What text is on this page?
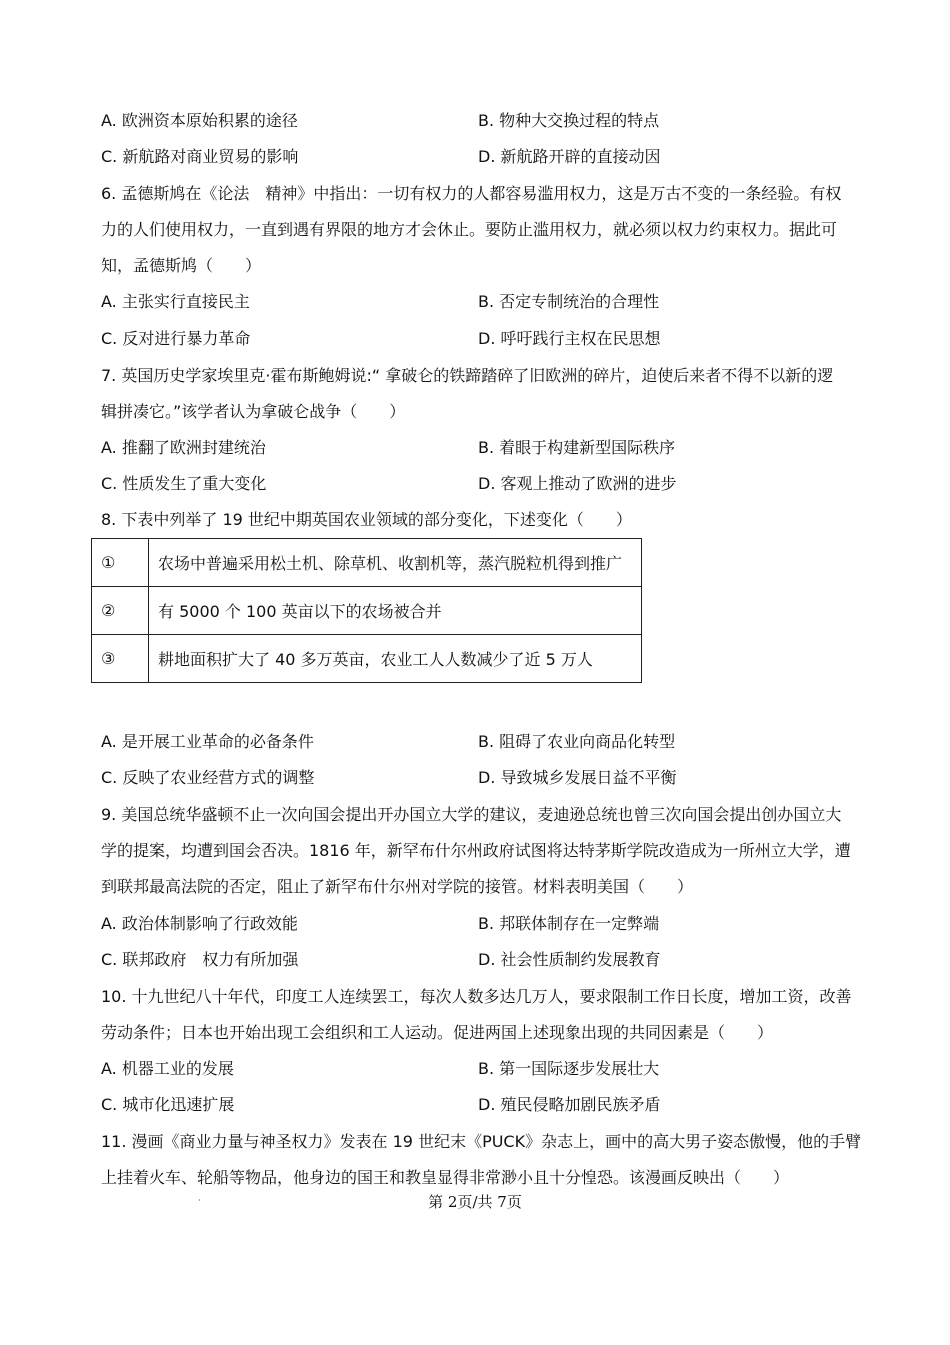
A. 欧洲资本原始积累的途径	B. 物种大交换过程的特点
C. 新航路对商业贸易的影响	D. 新航路开辟的直接动因
6. 孟德斯鸠在《论法　精神》中指出：一切有权力的人都容易滥用权力，这是万古不变的一条经验。有权
力的人们使用权力，一直到遇有界限的地方才会休止。要防止滥用权力，就必须以权力约束权力。据此可
知，孟德斯鸠（　　）
A. 主张实行直接民主	B. 否定专制统治的合理性
C. 反对进行暴力革命	D. 呼吁践行主权在民思想
7. 英国历史学家埃里克·霍布斯鲍姆说:“ 拿破仑的铁蹄踏碎了旧欧洲的碎片，迫使后来者不得不以新的逻
辑拼凑它。”该学者认为拿破仑战争（　　）
A. 推翻了欧洲封建统治	B. 着眼于构建新型国际秩序
C. 性质发生了重大变化	D. 客观上推动了欧洲的进步
8. 下表中列举了 19 世纪中期英国农业领域的部分变化，下述变化（　　）
①	农场中普遍采用松土机、除草机、收割机等，蒸汽脱粒机得到推广
②	有 5000 个 100 英亩以下的农场被合并
③	耕地面积扩大了 40 多万英亩，农业工人人数减少了近 5 万人
A. 是开展工业革命的必备条件	B. 阻碍了农业向商品化转型
C. 反映了农业经营方式的调整	D. 导致城乡发展日益不平衡
9. 美国总统华盛顿不止一次向国会提出开办国立大学的建议，麦迪逊总统也曾三次向国会提出创办国立大
学的提案，均遭到国会否决。1816 年，新罕布什尔州政府试图将达特茅斯学院改造成为一所州立大学，遭
到联邦最高法院的否定，阻止了新罕布什尔州对学院的接管。材料表明美国（　　）
A. 政治体制影响了行政效能	B. 邦联体制存在一定弊端
C. 联邦政府　权力有所加强	D. 社会性质制约发展教育
10. 十九世纪八十年代，印度工人连续罢工，每次人数多达几万人，要求限制工作日长度，增加工资，改善
劳动条件；日本也开始出现工会组织和工人运动。促进两国上述现象出现的共同因素是（　　）
A. 机器工业的发展	B. 第一国际逐步发展壮大
C. 城市化迅速扩展	D. 殖民侵略加剧民族矛盾
11. 漫画《商业力量与神圣权力》发表在 19 世纪末《PUCK》杂志上，画中的高大男子姿态傲慢，他的手臂
上挂着火车、轮船等物品，他身边的国王和教皇显得非常渺小且十分惶恐。该漫画反映出（　　）
·	第 2页/共 7页
